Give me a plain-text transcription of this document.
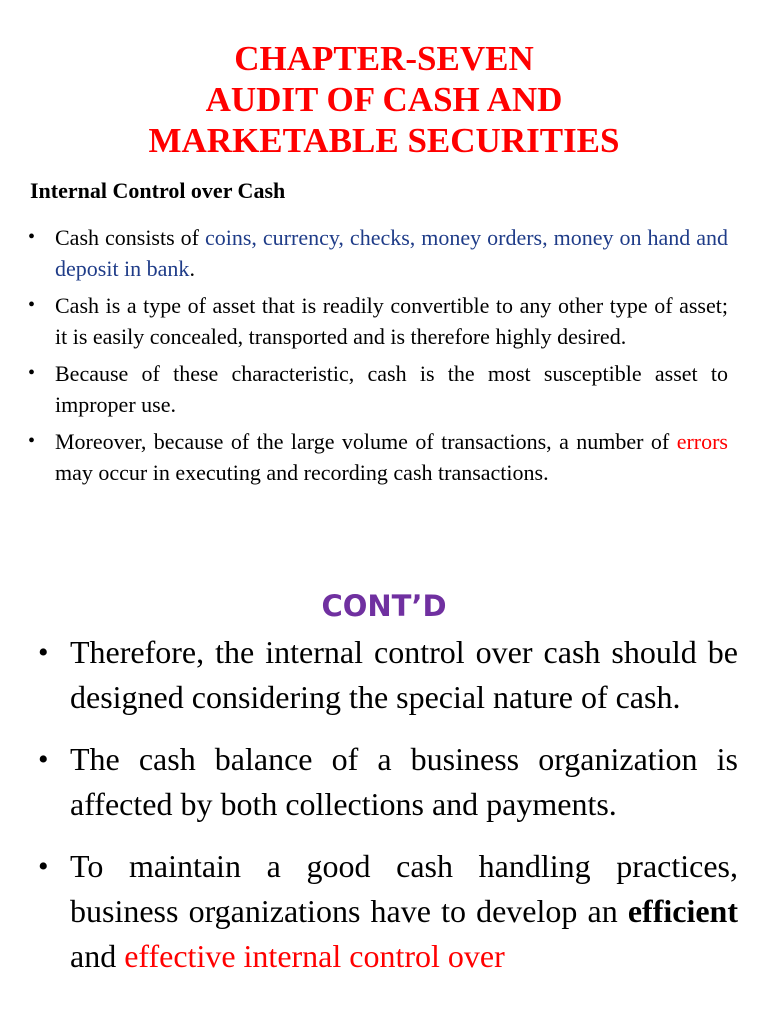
CHAPTER-SEVEN
AUDIT OF CASH AND
MARKETABLE SECURITIES
Internal Control over Cash
• Cash consists of coins, currency, checks, money orders, money on hand and deposit in bank.
• Cash is a type of asset that is readily convertible to any other type of asset; it is easily concealed, transported and is therefore highly desired.
• Because of these characteristic, cash is the most susceptible asset to improper use.
• Moreover, because of the large volume of transactions, a number of errors may occur in executing and recording cash transactions.
CONT’D
• Therefore, the internal control over cash should be designed considering the special nature of cash.
• The cash balance of a business organization is affected by both collections and payments.
• To maintain a good cash handling practices, business organizations have to develop an efficient and effective internal control over
